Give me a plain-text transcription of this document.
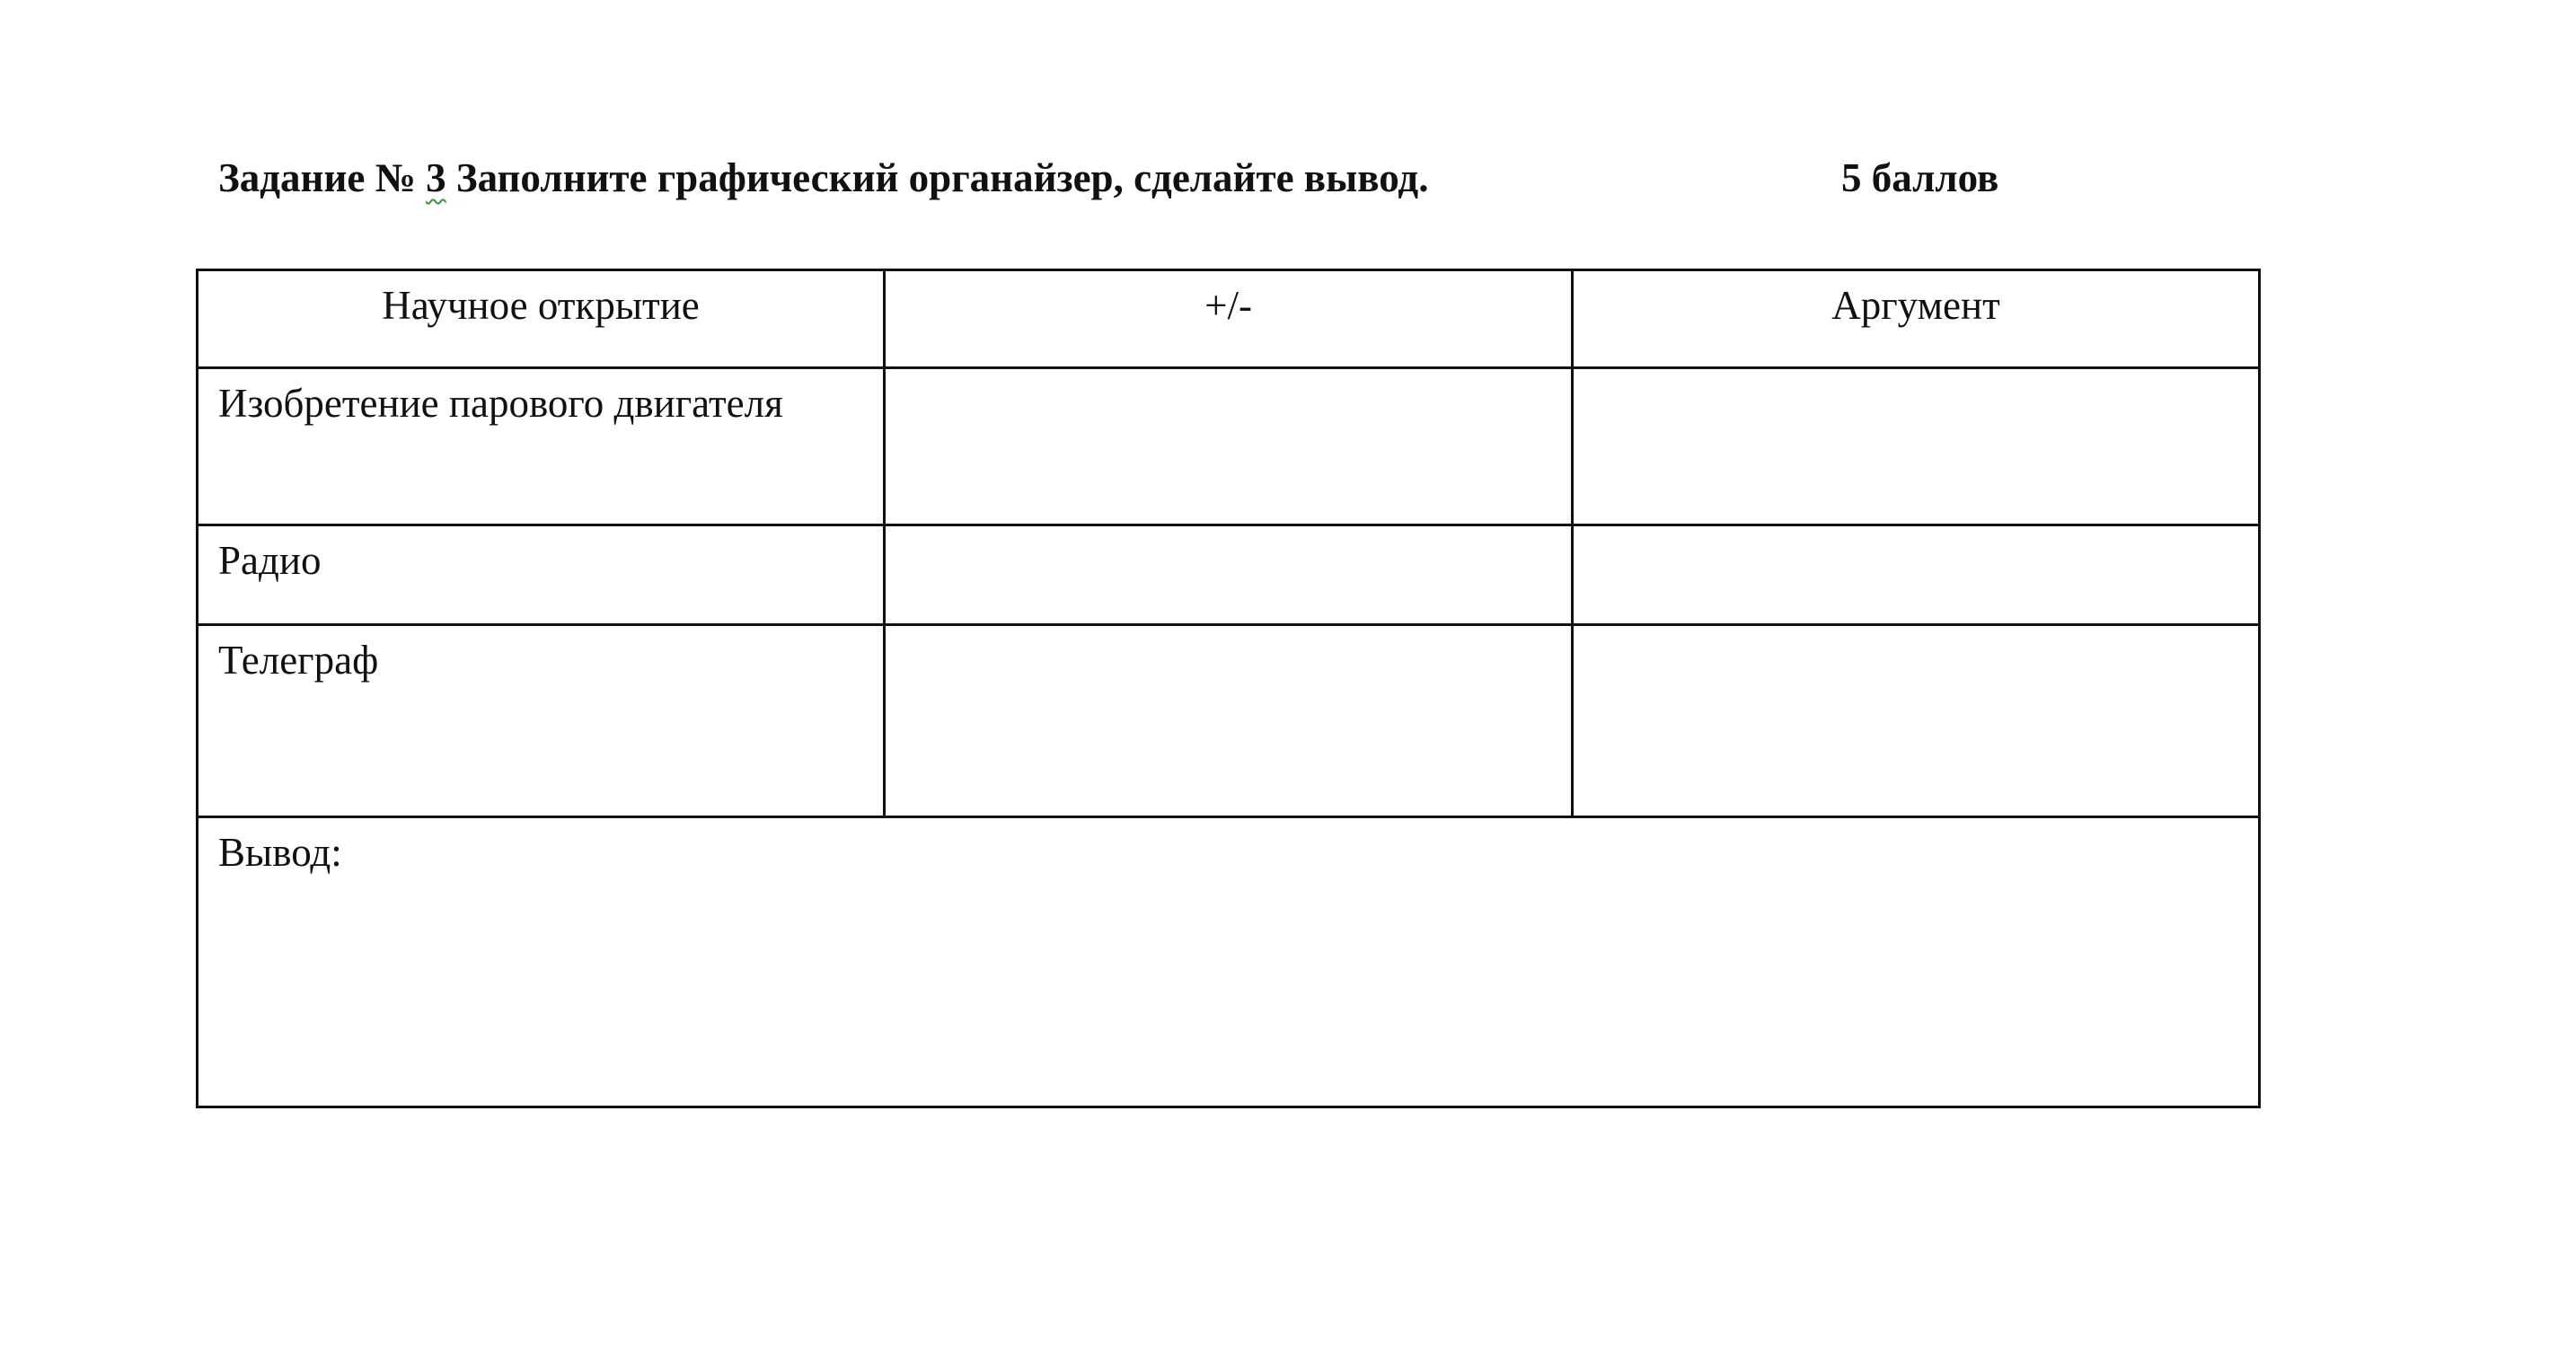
Задание № 3 Заполните графический органайзер, сделайте вывод.	5 баллов
Научное открытие	+/-	Аргумент
Изобретение парового двигателя		
Радио		
Телеграф		
Вывод:		
